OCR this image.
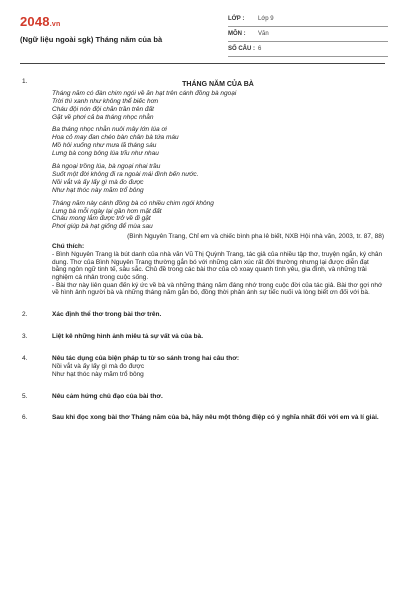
2048.vn
(Ngữ liệu ngoài sgk) Tháng năm của bà
LỚP :	Lớp 9
MÔN :	Văn
SỐ CÂU : 6
1.	THÁNG NĂM CỦA BÀ
Tháng năm có đàn chim ngói về ăn hạt trên cánh đồng bà ngoại
Trời thì xanh như không thể biếc hơn
Cháu đội nón đội chăn trần trên đất
Gặt về phơi cả ba tháng nhọc nhằn
Ba tháng nhọc nhằn nuôi mây lớn lúa ơi
Hoa cỏ may đan chéo bàn chân bà tứa máu
Mồ hôi xuống như mưa lã tháng sáu
Lưng bà cong bông lúa trĩu như nhau
Bà ngoại trồng lúa, bà ngoại nhai trầu
Suốt một đời không đi ra ngoài mái đình bến nước.
Nồi vắt và ấy lấy gì mà đo được
Như hạt thóc này mãm trổ bông
Tháng năm này cánh đồng bà có nhiều chim ngói không
Lưng bà mỗi ngày lại gần hơn mặt đất
Cháu mong lắm được trở về đi gặt
Phơi giúp bà hạt giống để mùa sau
(Bình Nguyên Trang, Chỉ em và chiếc bình pha lê biết, NXB Hội nhà văn, 2003, tr. 87, 88)
Chú thích:
- Bình Nguyên Trang là bút danh của nhà văn Vũ Thị Quỳnh Trang, tác giả của nhiều tập thơ, truyện ngắn, ký chân dung. Thơ của Bình Nguyên Trang thường gắn bó với những cảm xúc rất đời thường nhưng lại được diễn đạt bằng ngôn ngữ tinh tế, sâu sắc. Chủ đề trong các bài thơ của cô xoay quanh tình yêu, gia đình, và những trải nghiệm cá nhân trong cuộc sống.
- Bài thơ này liên quan đến ký ức về bà và những tháng năm đáng nhớ trong cuộc đời của tác giả. Bài thơ gợi nhớ về hình ảnh người bà và những tháng năm gắn bó, đồng thời phản ánh sự tiếc nuối và lòng biết ơn đối với bà.
2.	Xác định thể thơ trong bài thơ trên.
3.	Liệt kê những hình ảnh miêu tả sự vất vả của bà.
4.	Nêu tác dụng của biện pháp tu từ so sánh trong hai câu thơ:
Nồi vắt và ấy lấy gì mà đo được
Như hạt thóc này mãm trổ bông
5.	Nêu cảm hứng chủ đạo của bài thơ.
6.	Sau khi đọc xong bài thơ Tháng năm của bà, hãy nêu một thông điệp có ý nghĩa nhất đối với em và lí giải.
